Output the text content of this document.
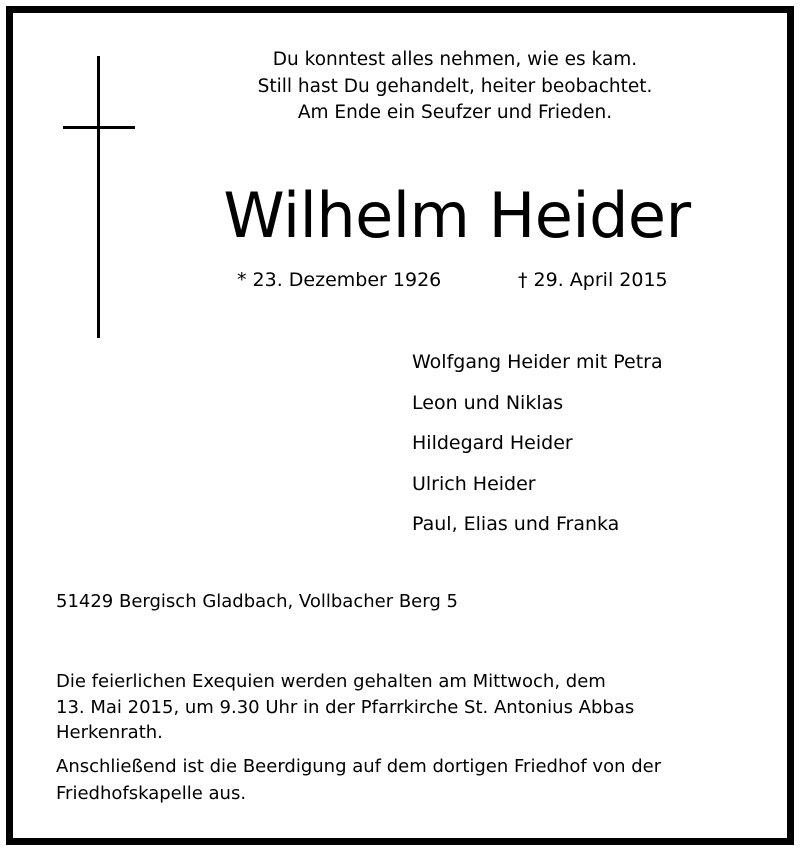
Du konntest alles nehmen, wie es kam.
Still hast Du gehandelt, heiter beobachtet.
Am Ende ein Seufzer und Frieden.
Wilhelm Heider
* 23. Dezember 1926	† 29. April 2015
Wolfgang Heider mit Petra
Leon und Niklas
Hildegard Heider
Ulrich Heider
Paul, Elias und Franka
51429 Bergisch Gladbach, Vollbacher Berg 5
Die feierlichen Exequien werden gehalten am Mittwoch, dem
13. Mai 2015, um 9.30 Uhr in der Pfarrkirche St. Antonius Abbas
Herkenrath.
Anschließend ist die Beerdigung auf dem dortigen Friedhof von der
Friedhofskapelle aus.
